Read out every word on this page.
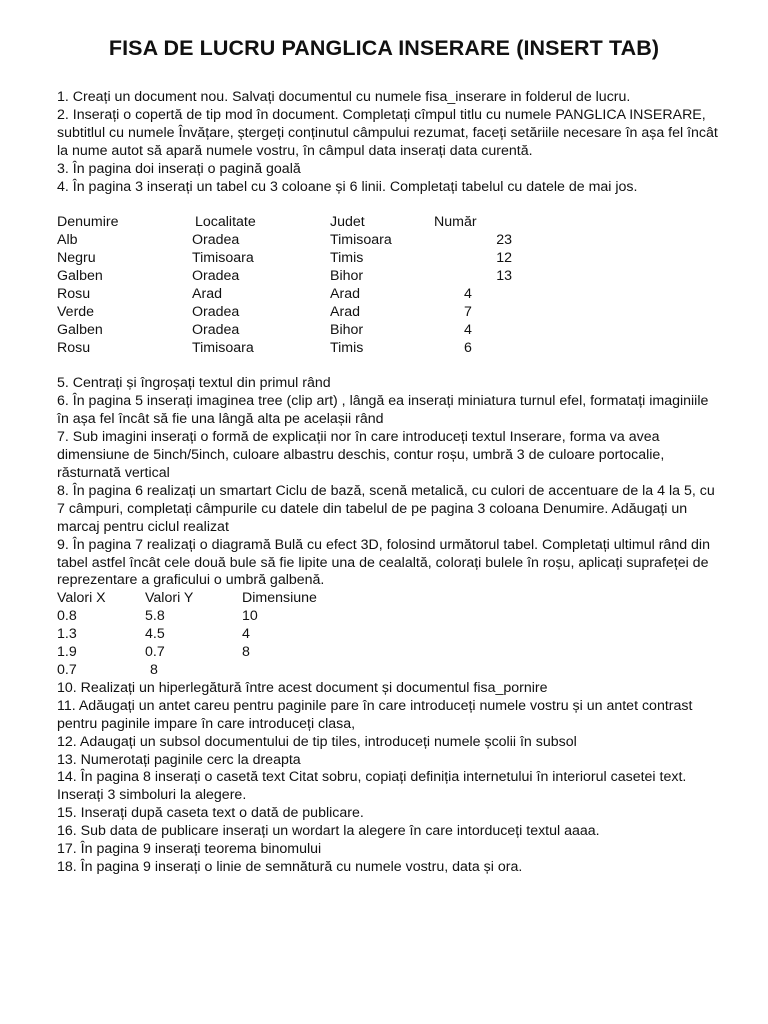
FISA DE LUCRU PANGLICA INSERARE (INSERT TAB)

1. Creați un document nou. Salvați documentul cu numele fisa_inserare in folderul de lucru.

2. Inserați o copertă de tip mod în document. Completați cîmpul titlu cu numele PANGLICA INSERARE, subtitlul cu numele Învățare, ștergeți conținutul câmpului rezumat, faceți setăriile necesare în așa fel încât la nume autot să apară numele vostru, în câmpul data inserați data curentă.

3. În pagina doi inserați o pagină goală

4. În pagina 3 inserați un tabel cu 3 coloane și 6 linii. Completați tabelul cu datele de mai jos.

Denumire	Localitate	Judet	Număr
Alb	Oradea	Timisoara	23
Negru	Timisoara	Timis	12
Galben	Oradea	Bihor	13
Rosu	Arad	Arad	4
Verde	Oradea	Arad	7
Galben	Oradea	Bihor	4
Rosu	Timisoara	Timis	6

5. Centrați și îngroșați textul din primul rând

6. În pagina 5 inserați imaginea tree (clip art) , lângă ea inserați miniatura turnul efel, formatați imaginiile în așa fel încât să fie una lângă alta pe acelașii rând

7. Sub imagini inserați o formă de explicații nor în care introduceți textul Inserare, forma va avea dimensiune de 5inch/5inch, culoare albastru deschis, contur roșu, umbră 3 de culoare portocalie, răsturnată vertical

8. În pagina 6 realizați un smartart Ciclu de bază, scenă metalică, cu culori de accentuare de la 4 la 5, cu 7 câmpuri, completați câmpurile cu datele din tabelul de pe pagina 3 coloana Denumire. Adăugați un marcaj pentru ciclul realizat

9. În pagina 7 realizați o diagramă Bulă cu efect 3D, folosind următorul tabel. Completați ultimul rând din tabel astfel încât cele două bule să fie lipite una de cealaltă, colorați bulele în roșu, aplicați suprafeței de reprezentare a graficului o umbră galbenă.

Valori X	Valori Y	Dimensiune
0.8	5.8	10
1.3	4.5	4
1.9	0.7	8
0.7	8	

10. Realizați un hiperlegătură între acest document și documentul fisa_pornire

11. Adăugați un antet careu pentru paginile pare în care introduceți numele vostru și un antet contrast pentru paginile impare în care introduceți clasa,

12. Adaugați un subsol documentului de tip tiles, introduceți numele școlii în subsol

13. Numerotați paginile cerc la dreapta

14. În pagina 8 inserați o casetă text Citat sobru, copiați definiția internetului în interiorul casetei text. Inserați 3 simboluri la alegere.

15. Inserați după caseta text o dată de publicare.

16. Sub data de publicare inserați un wordart la alegere în care intorduceți textul aaaa.

17. În pagina 9 inserați teorema binomului

18. În pagina 9 inserați o linie de semnătură cu numele vostru, data și ora.
